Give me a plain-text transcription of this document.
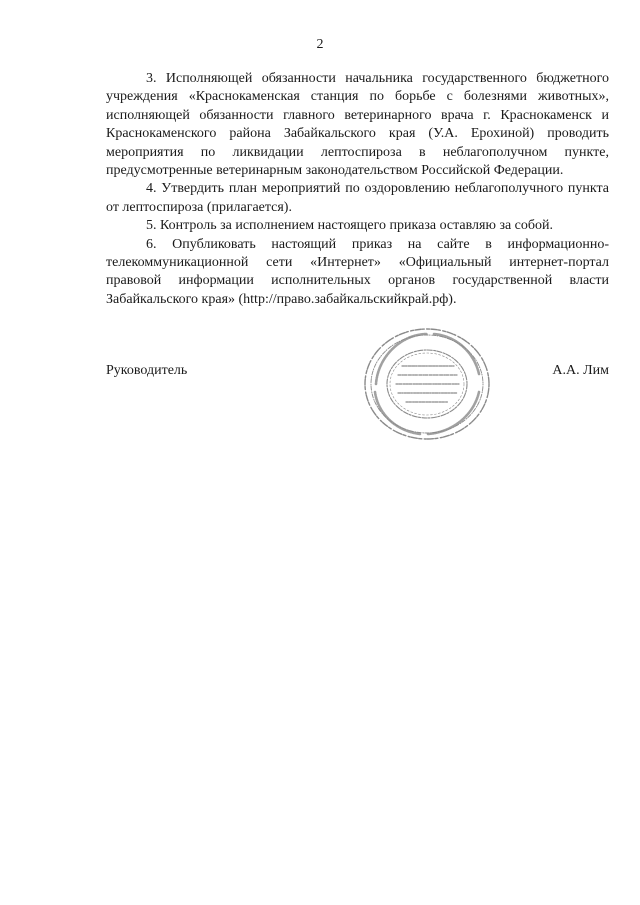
2

3. Исполняющей обязанности начальника государственного бюджетного учреждения «Краснокаменская станция по борьбе с болезнями животных», исполняющей обязанности главного ветеринарного врача г. Краснокаменск и Краснокаменского района Забайкальского края (У.А. Ерохиной) проводить мероприятия по ликвидации лептоспироза в неблагополучном пункте, предусмотренные ветеринарным законодательством Российской Федерации.

4. Утвердить план мероприятий по оздоровлению неблагополучного пункта от лептоспироза (прилагается).

5. Контроль за исполнением настоящего приказа оставляю за собой.

6. Опубликовать настоящий приказ на сайте в информационно-телекоммуникационной сети «Интернет» «Официальный интернет-портал правовой информации исполнительных органов государственной власти Забайкальского края» (http://право.забайкальскийкрай.рф).

Руководитель	А.А. Лим
